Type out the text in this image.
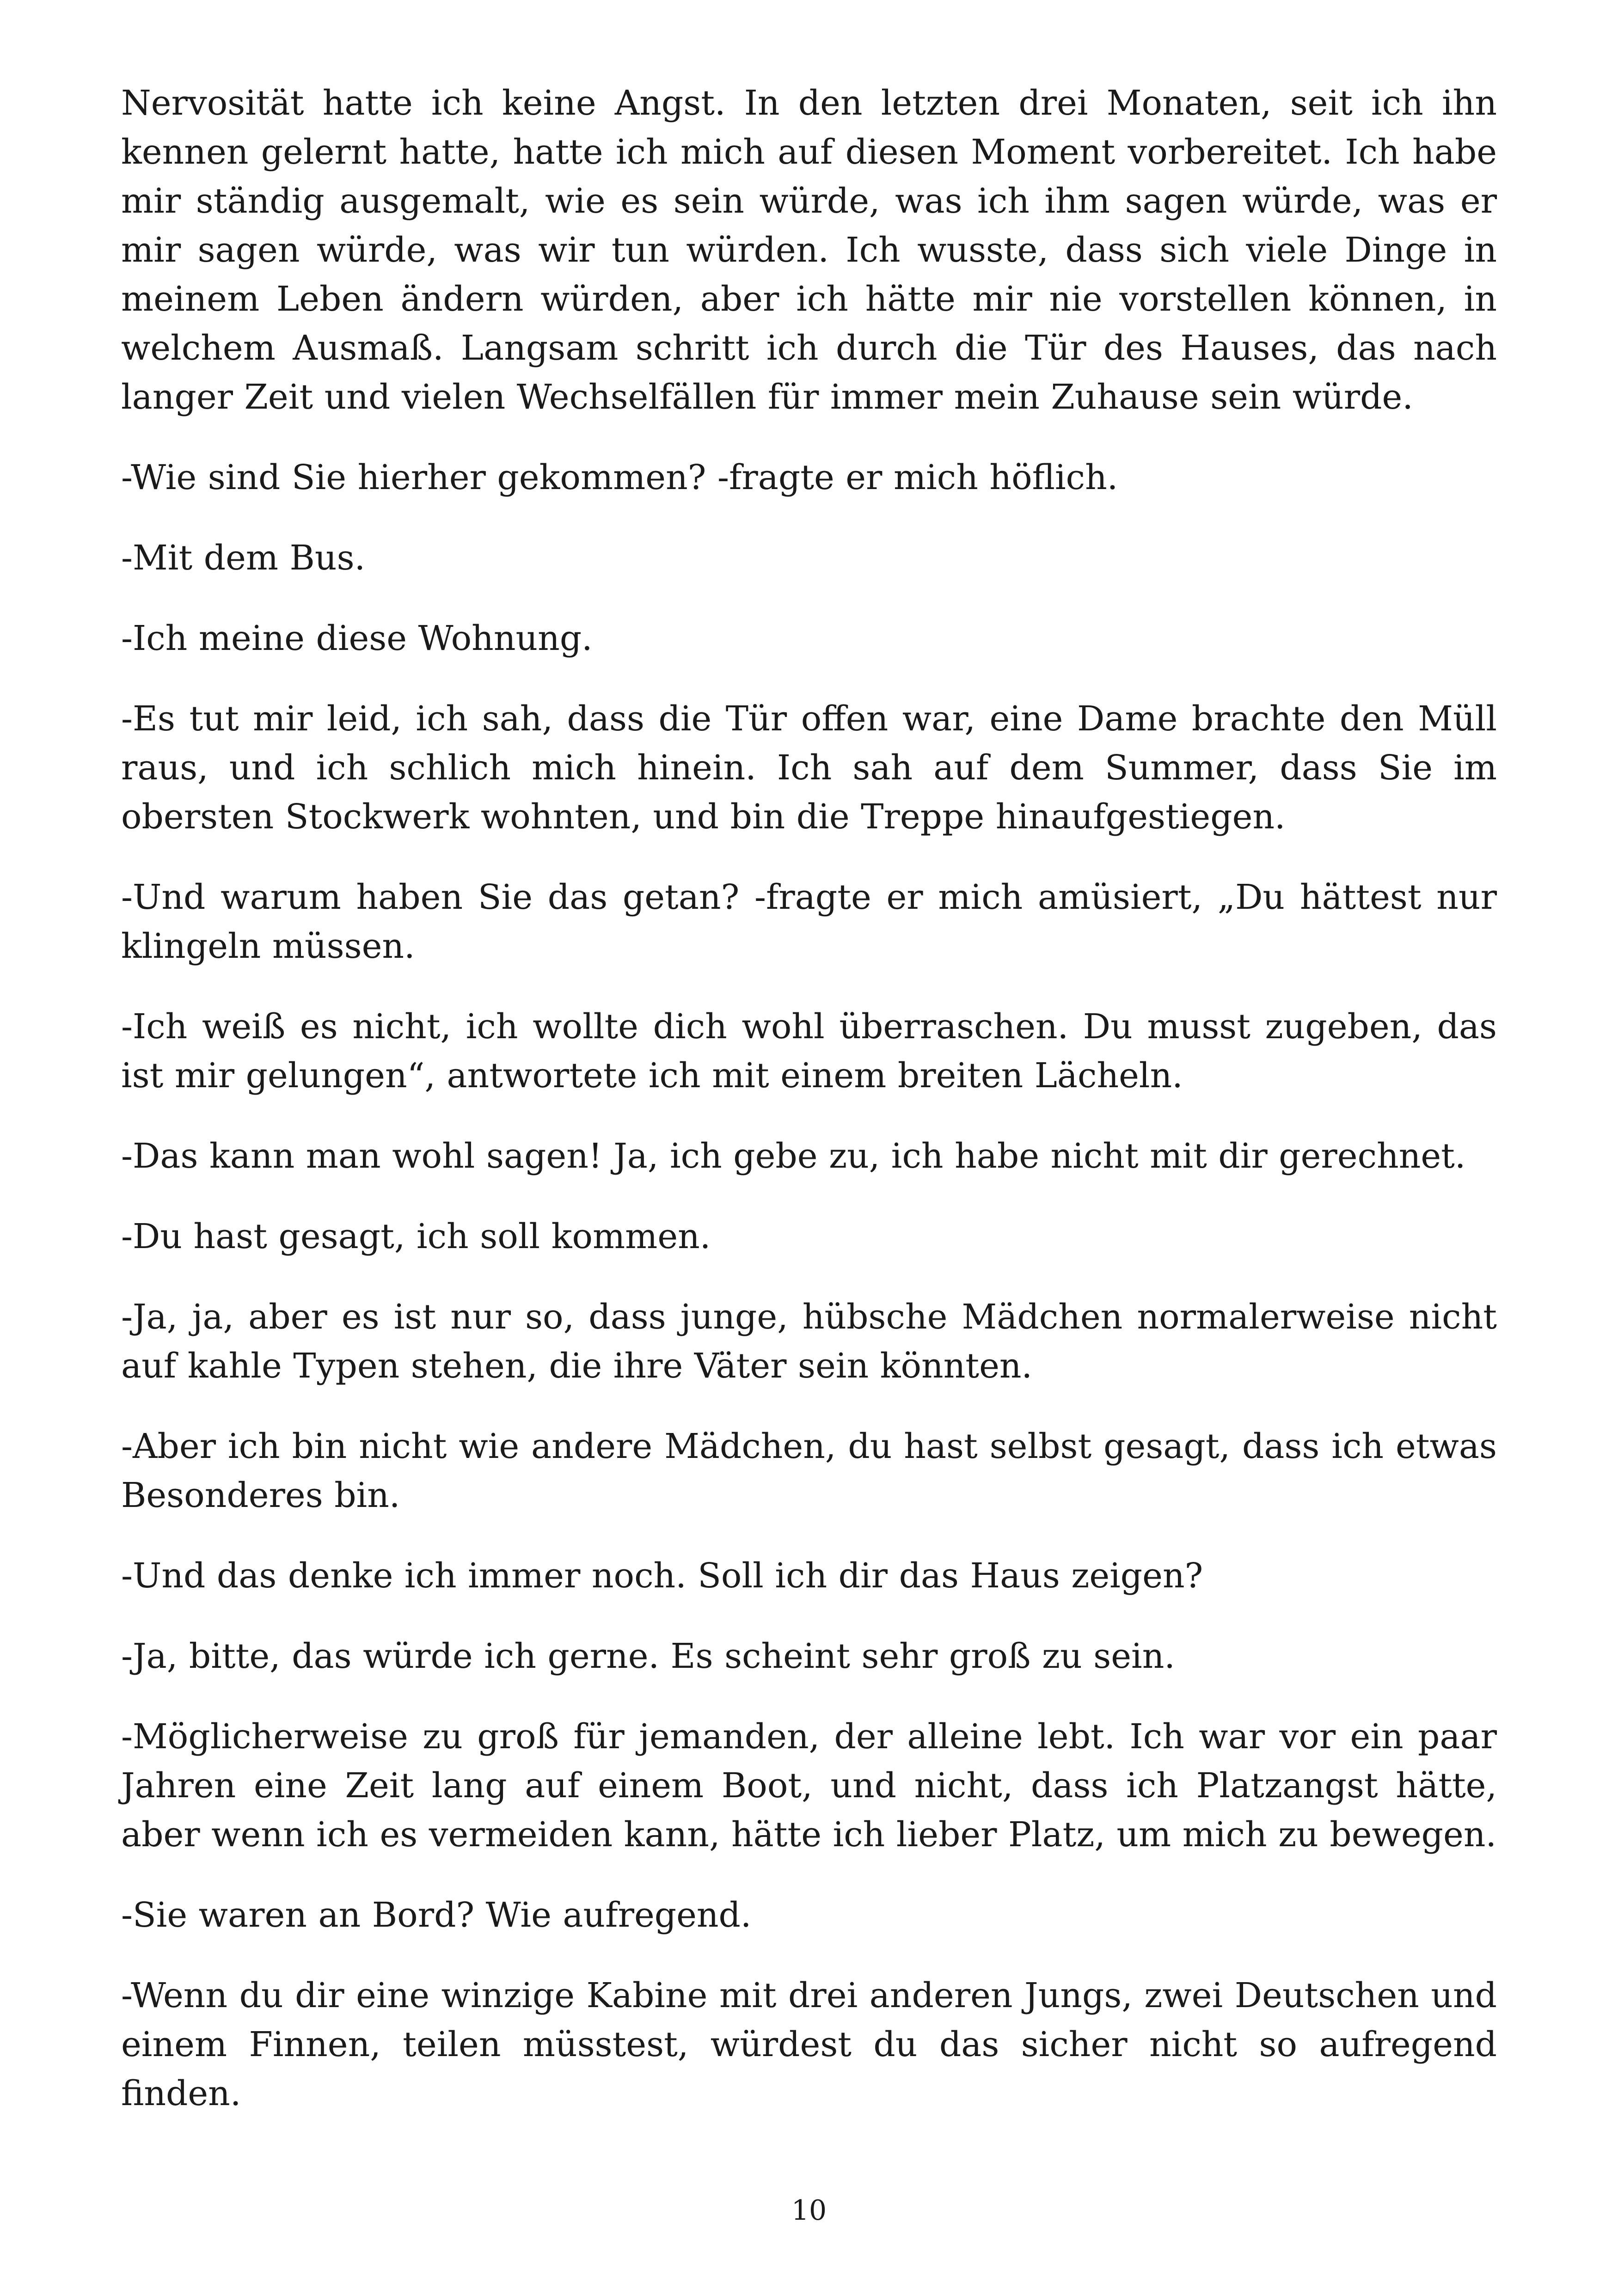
Nervosität hatte ich keine Angst. In den letzten drei Monaten, seit ich ihn kennen gelernt hatte, hatte ich mich auf diesen Moment vorbereitet. Ich habe mir ständig ausgemalt, wie es sein würde, was ich ihm sagen würde, was er mir sagen würde, was wir tun würden. Ich wusste, dass sich viele Dinge in meinem Leben ändern würden, aber ich hätte mir nie vorstellen können, in welchem Ausmaß. Langsam schritt ich durch die Tür des Hauses, das nach langer Zeit und vielen Wechselfällen für immer mein Zuhause sein würde.

-Wie sind Sie hierher gekommen? -fragte er mich höflich.

-Mit dem Bus.

-Ich meine diese Wohnung.

-Es tut mir leid, ich sah, dass die Tür offen war, eine Dame brachte den Müll raus, und ich schlich mich hinein. Ich sah auf dem Summer, dass Sie im obersten Stockwerk wohnten, und bin die Treppe hinaufgestiegen.

-Und warum haben Sie das getan? -fragte er mich amüsiert, „Du hättest nur klingeln müssen.

-Ich weiß es nicht, ich wollte dich wohl überraschen. Du musst zugeben, das ist mir gelungen“, antwortete ich mit einem breiten Lächeln.

-Das kann man wohl sagen! Ja, ich gebe zu, ich habe nicht mit dir gerechnet.

-Du hast gesagt, ich soll kommen.

-Ja, ja, aber es ist nur so, dass junge, hübsche Mädchen normalerweise nicht auf kahle Typen stehen, die ihre Väter sein könnten.

-Aber ich bin nicht wie andere Mädchen, du hast selbst gesagt, dass ich etwas Besonderes bin.

-Und das denke ich immer noch. Soll ich dir das Haus zeigen?

-Ja, bitte, das würde ich gerne. Es scheint sehr groß zu sein.

-Möglicherweise zu groß für jemanden, der alleine lebt. Ich war vor ein paar Jahren eine Zeit lang auf einem Boot, und nicht, dass ich Platzangst hätte, aber wenn ich es vermeiden kann, hätte ich lieber Platz, um mich zu bewegen.

-Sie waren an Bord? Wie aufregend.

-Wenn du dir eine winzige Kabine mit drei anderen Jungs, zwei Deutschen und einem Finnen, teilen müsstest, würdest du das sicher nicht so aufregend finden.

10
